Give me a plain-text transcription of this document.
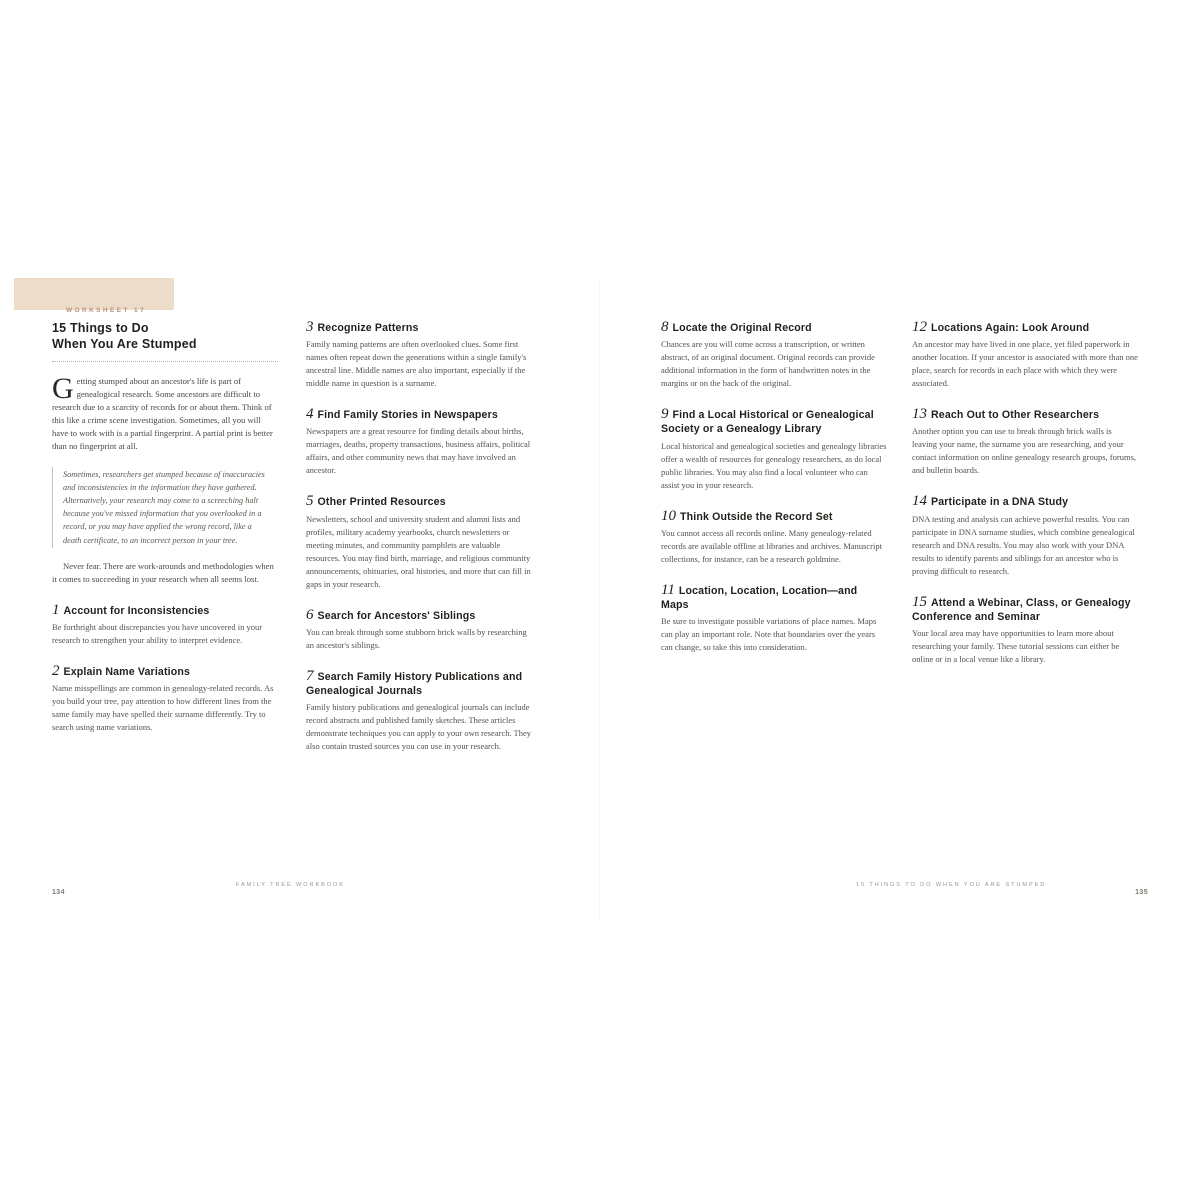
WORKSHEET 17
15 Things to Do
When You Are Stumped

Getting stumped about an ancestor's life is part of genealogical research. Some ancestors are difficult to research due to a scarcity of records for or about them. Think of this like a crime scene investigation. Sometimes, all you will have to work with is a partial fingerprint. A partial print is better than no fingerprint at all.

Sometimes, researchers get stumped because of inaccuracies and inconsistencies in the information they have gathered. Alternatively, your research may come to a screeching halt because you've missed information that you overlooked in a record, or you may have applied the wrong record, like a death certificate, to an incorrect person in your tree.

Never fear. There are work-arounds and methodologies when it comes to succeeding in your research when all seems lost.

1 Account for Inconsistencies

Be forthright about discrepancies you have uncovered in your research to strengthen your ability to interpret evidence.

2 Explain Name Variations

Name misspellings are common in genealogy-related records. As you build your tree, pay attention to how different lines from the same family may have spelled their surname differently. Try to search using name variations.

3 Recognize Patterns

Family naming patterns are often overlooked clues. Some first names often repeat down the generations within a single family's ancestral line. Middle names are also important, especially if the middle name in question is a surname.

4 Find Family Stories in Newspapers

Newspapers are a great resource for finding details about births, marriages, deaths, property transactions, business affairs, political affairs, and other community news that may have involved an ancestor.

5 Other Printed Resources

Newsletters, school and university student and alumni lists and profiles, military academy yearbooks, church newsletters or meeting minutes, and community pamphlets are valuable resources. You may find birth, marriage, and religious community announcements, obituaries, oral histories, and more that can fill in gaps in your research.

6 Search for Ancestors' Siblings

You can break through some stubborn brick walls by researching an ancestor's siblings.

7 Search Family History Publications and Genealogical Journals

Family history publications and genealogical journals can include record abstracts and published family sketches. These articles demonstrate techniques you can apply to your own research. They also contain trusted sources you can use in your research.

8 Locate the Original Record

Chances are you will come across a transcription, or written abstract, of an original document. Original records can provide additional information in the form of handwritten notes in the margins or on the back of the original.

9 Find a Local Historical or Genealogical Society or a Genealogy Library

Local historical and genealogical societies and genealogy libraries offer a wealth of resources for genealogy researchers, as do local public libraries. You may also find a local volunteer who can assist you in your research.

10 Think Outside the Record Set

You cannot access all records online. Many genealogy-related records are available offline at libraries and archives. Manuscript collections, for instance, can be a research goldmine.

11 Location, Location, Location—and Maps

Be sure to investigate possible variations of place names. Maps can play an important role. Note that boundaries over the years can change, so take this into consideration.

12 Locations Again: Look Around

An ancestor may have lived in one place, yet filed paperwork in another location. If your ancestor is associated with more than one place, search for records in each place with which they were associated.

13 Reach Out to Other Researchers

Another option you can use to break through brick walls is leaving your name, the surname you are researching, and your contact information on online genealogy research groups, forums, and bulletin boards.

14 Participate in a DNA Study

DNA testing and analysis can achieve powerful results. You can participate in DNA surname studies, which combine genealogical research and DNA results. You may also work with your DNA results to identify parents and siblings for an ancestor who is proving difficult to research.

15 Attend a Webinar, Class, or Genealogy Conference and Seminar

Your local area may have opportunities to learn more about researching your family. These tutorial sessions can either be online or in a local venue like a library.

134
FAMILY TREE WORKBOOK	15 THINGS TO DO WHEN YOU ARE STUMPED
135
